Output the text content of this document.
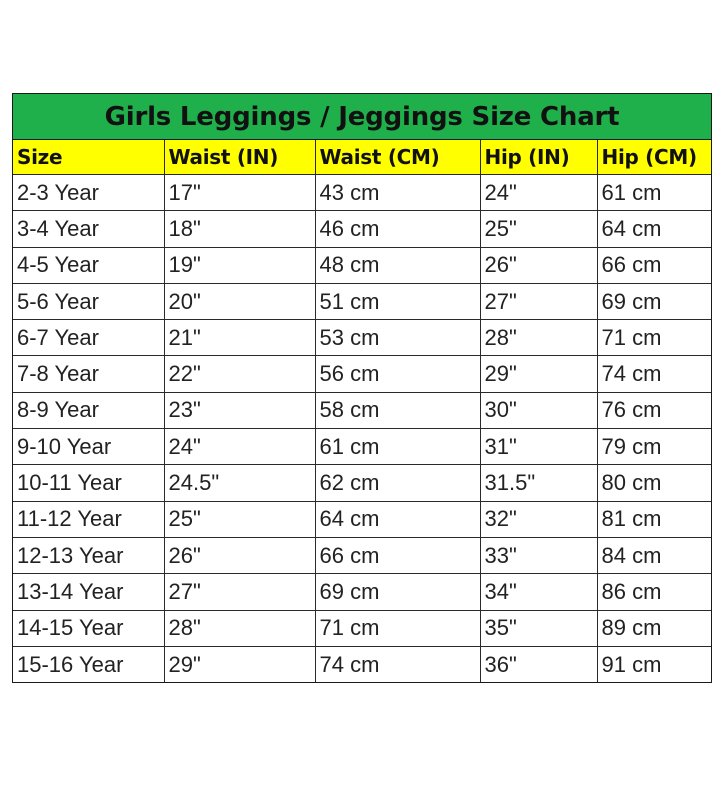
Girls Leggings / Jeggings Size Chart
Size	Waist (IN)	Waist (CM)	Hip (IN)	Hip (CM)
2-3 Year	17"	43 cm	24"	61 cm
3-4 Year	18"	46 cm	25"	64 cm
4-5 Year	19"	48 cm	26"	66 cm
5-6 Year	20"	51 cm	27"	69 cm
6-7 Year	21"	53 cm	28"	71 cm
7-8 Year	22"	56 cm	29"	74 cm
8-9 Year	23"	58 cm	30"	76 cm
9-10 Year	24"	61 cm	31"	79 cm
10-11 Year	24.5"	62 cm	31.5"	80 cm
11-12 Year	25"	64 cm	32"	81 cm
12-13 Year	26"	66 cm	33"	84 cm
13-14 Year	27"	69 cm	34"	86 cm
14-15 Year	28"	71 cm	35"	89 cm
15-16 Year	29"	74 cm	36"	91 cm
